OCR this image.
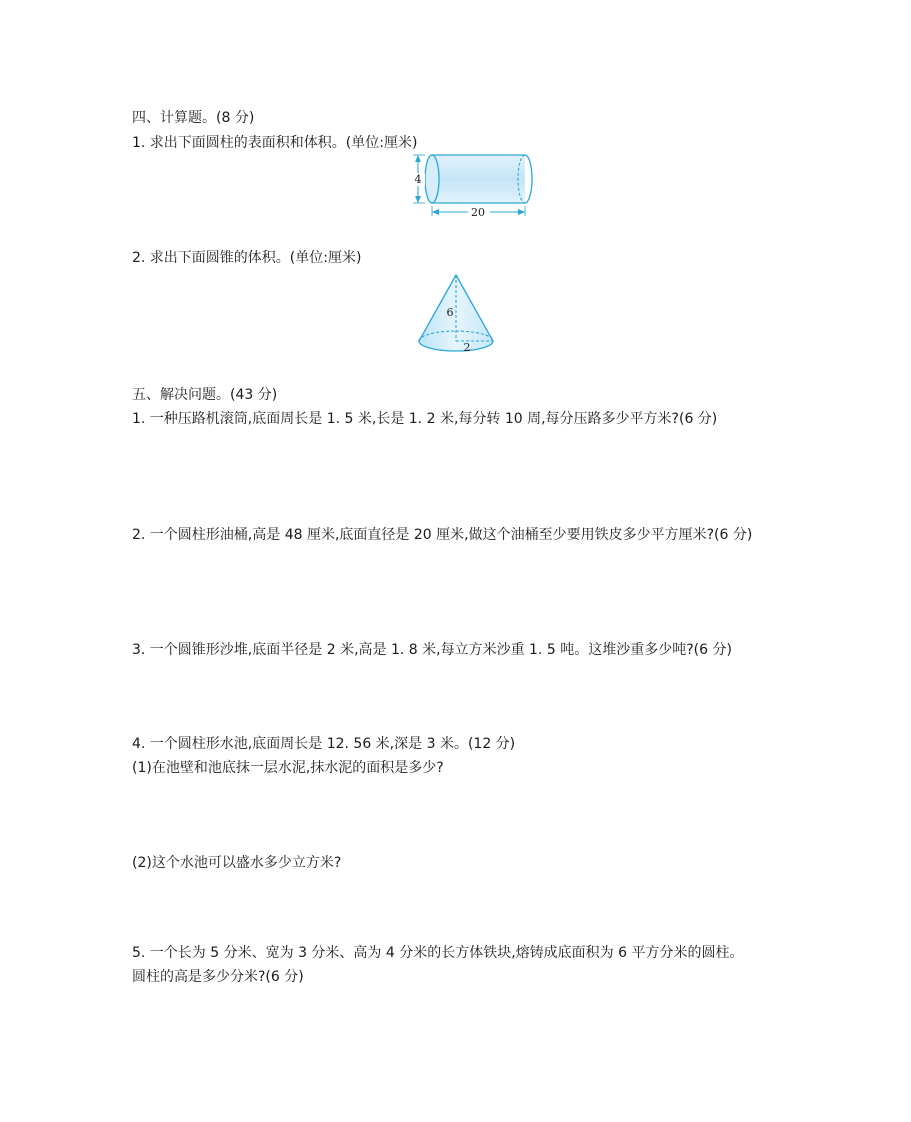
四、计算题。(8 分)
1. 求出下面圆柱的表面积和体积。(单位:厘米)
4
20
2. 求出下面圆锥的体积。(单位:厘米)
6
2
五、解决问题。(43 分)
1. 一种压路机滚筒,底面周长是 1. 5 米,长是 1. 2 米,每分转 10 周,每分压路多少平方米?(6 分)
2. 一个圆柱形油桶,高是 48 厘米,底面直径是 20 厘米,做这个油桶至少要用铁皮多少平方厘米?(6 分)
3. 一个圆锥形沙堆,底面半径是 2 米,高是 1. 8 米,每立方米沙重 1. 5 吨。这堆沙重多少吨?(6 分)
4. 一个圆柱形水池,底面周长是 12. 56 米,深是 3 米。(12 分)
(1)在池壁和池底抹一层水泥,抹水泥的面积是多少?
(2)这个水池可以盛水多少立方米?
5. 一个长为 5 分米、宽为 3 分米、高为 4 分米的长方体铁块,熔铸成底面积为 6 平方分米的圆柱。
圆柱的高是多少分米?(6 分)
